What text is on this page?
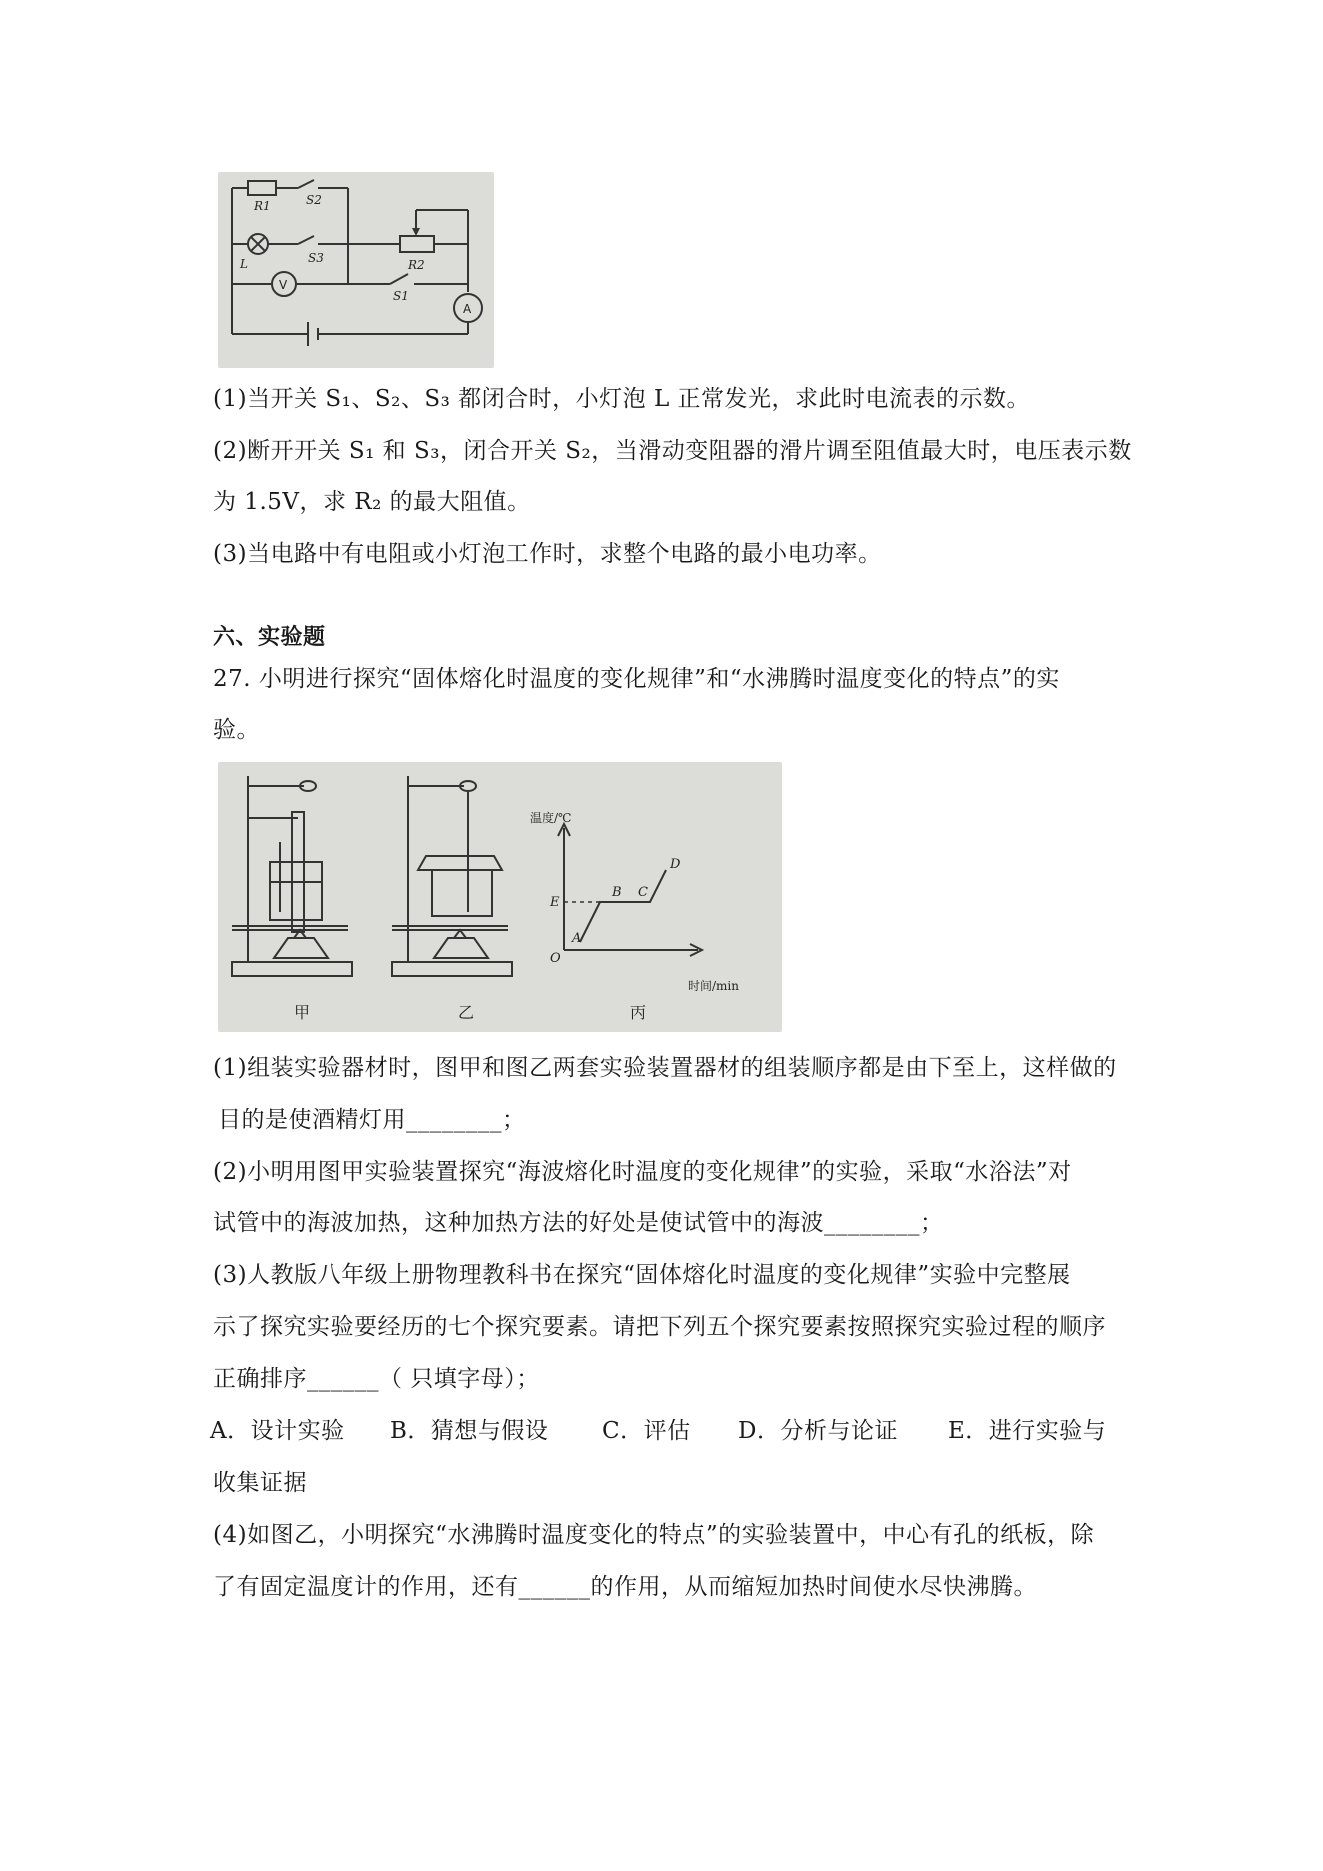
R1	S2
S3	R2
L
S1
V
A
(1)当开关 S₁、S₂、S₃ 都闭合时，小灯泡 L 正常发光，求此时电流表的示数。
(2)断开开关 S₁ 和 S₃，闭合开关 S₂，当滑动变阻器的滑片调至阻值最大时，电压表示数
为 1.5V，求 R₂ 的最大阻值。
(3)当电路中有电阻或小灯泡工作时，求整个电路的最小电功率。
六、实验题
27. 小明进行探究“固体熔化时温度的变化规律”和“水沸腾时温度变化的特点”的实
验。
甲	乙	丙
温度/℃
时间/min
A
B C
D
E
O
(1)组装实验器材时，图甲和图乙两套实验装置器材的组装顺序都是由下至上，这样做的
目的是使酒精灯用________；
(2)小明用图甲实验装置探究“海波熔化时温度的变化规律”的实验，采取“水浴法”对
试管中的海波加热，这种加热方法的好处是使试管中的海波________；
(3)人教版八年级上册物理教科书在探究“固体熔化时温度的变化规律”实验中完整展
示了探究实验要经历的七个探究要素。请把下列五个探究要素按照探究实验过程的顺序
正确排序______（ 只填字母）；
A．设计实验 B．猜想与假设 C．评估 D．分析与论证 E．进行实验与
收集证据
(4)如图乙，小明探究“水沸腾时温度变化的特点”的实验装置中，中心有孔的纸板，除
了有固定温度计的作用，还有______的作用，从而缩短加热时间使水尽快沸腾。
